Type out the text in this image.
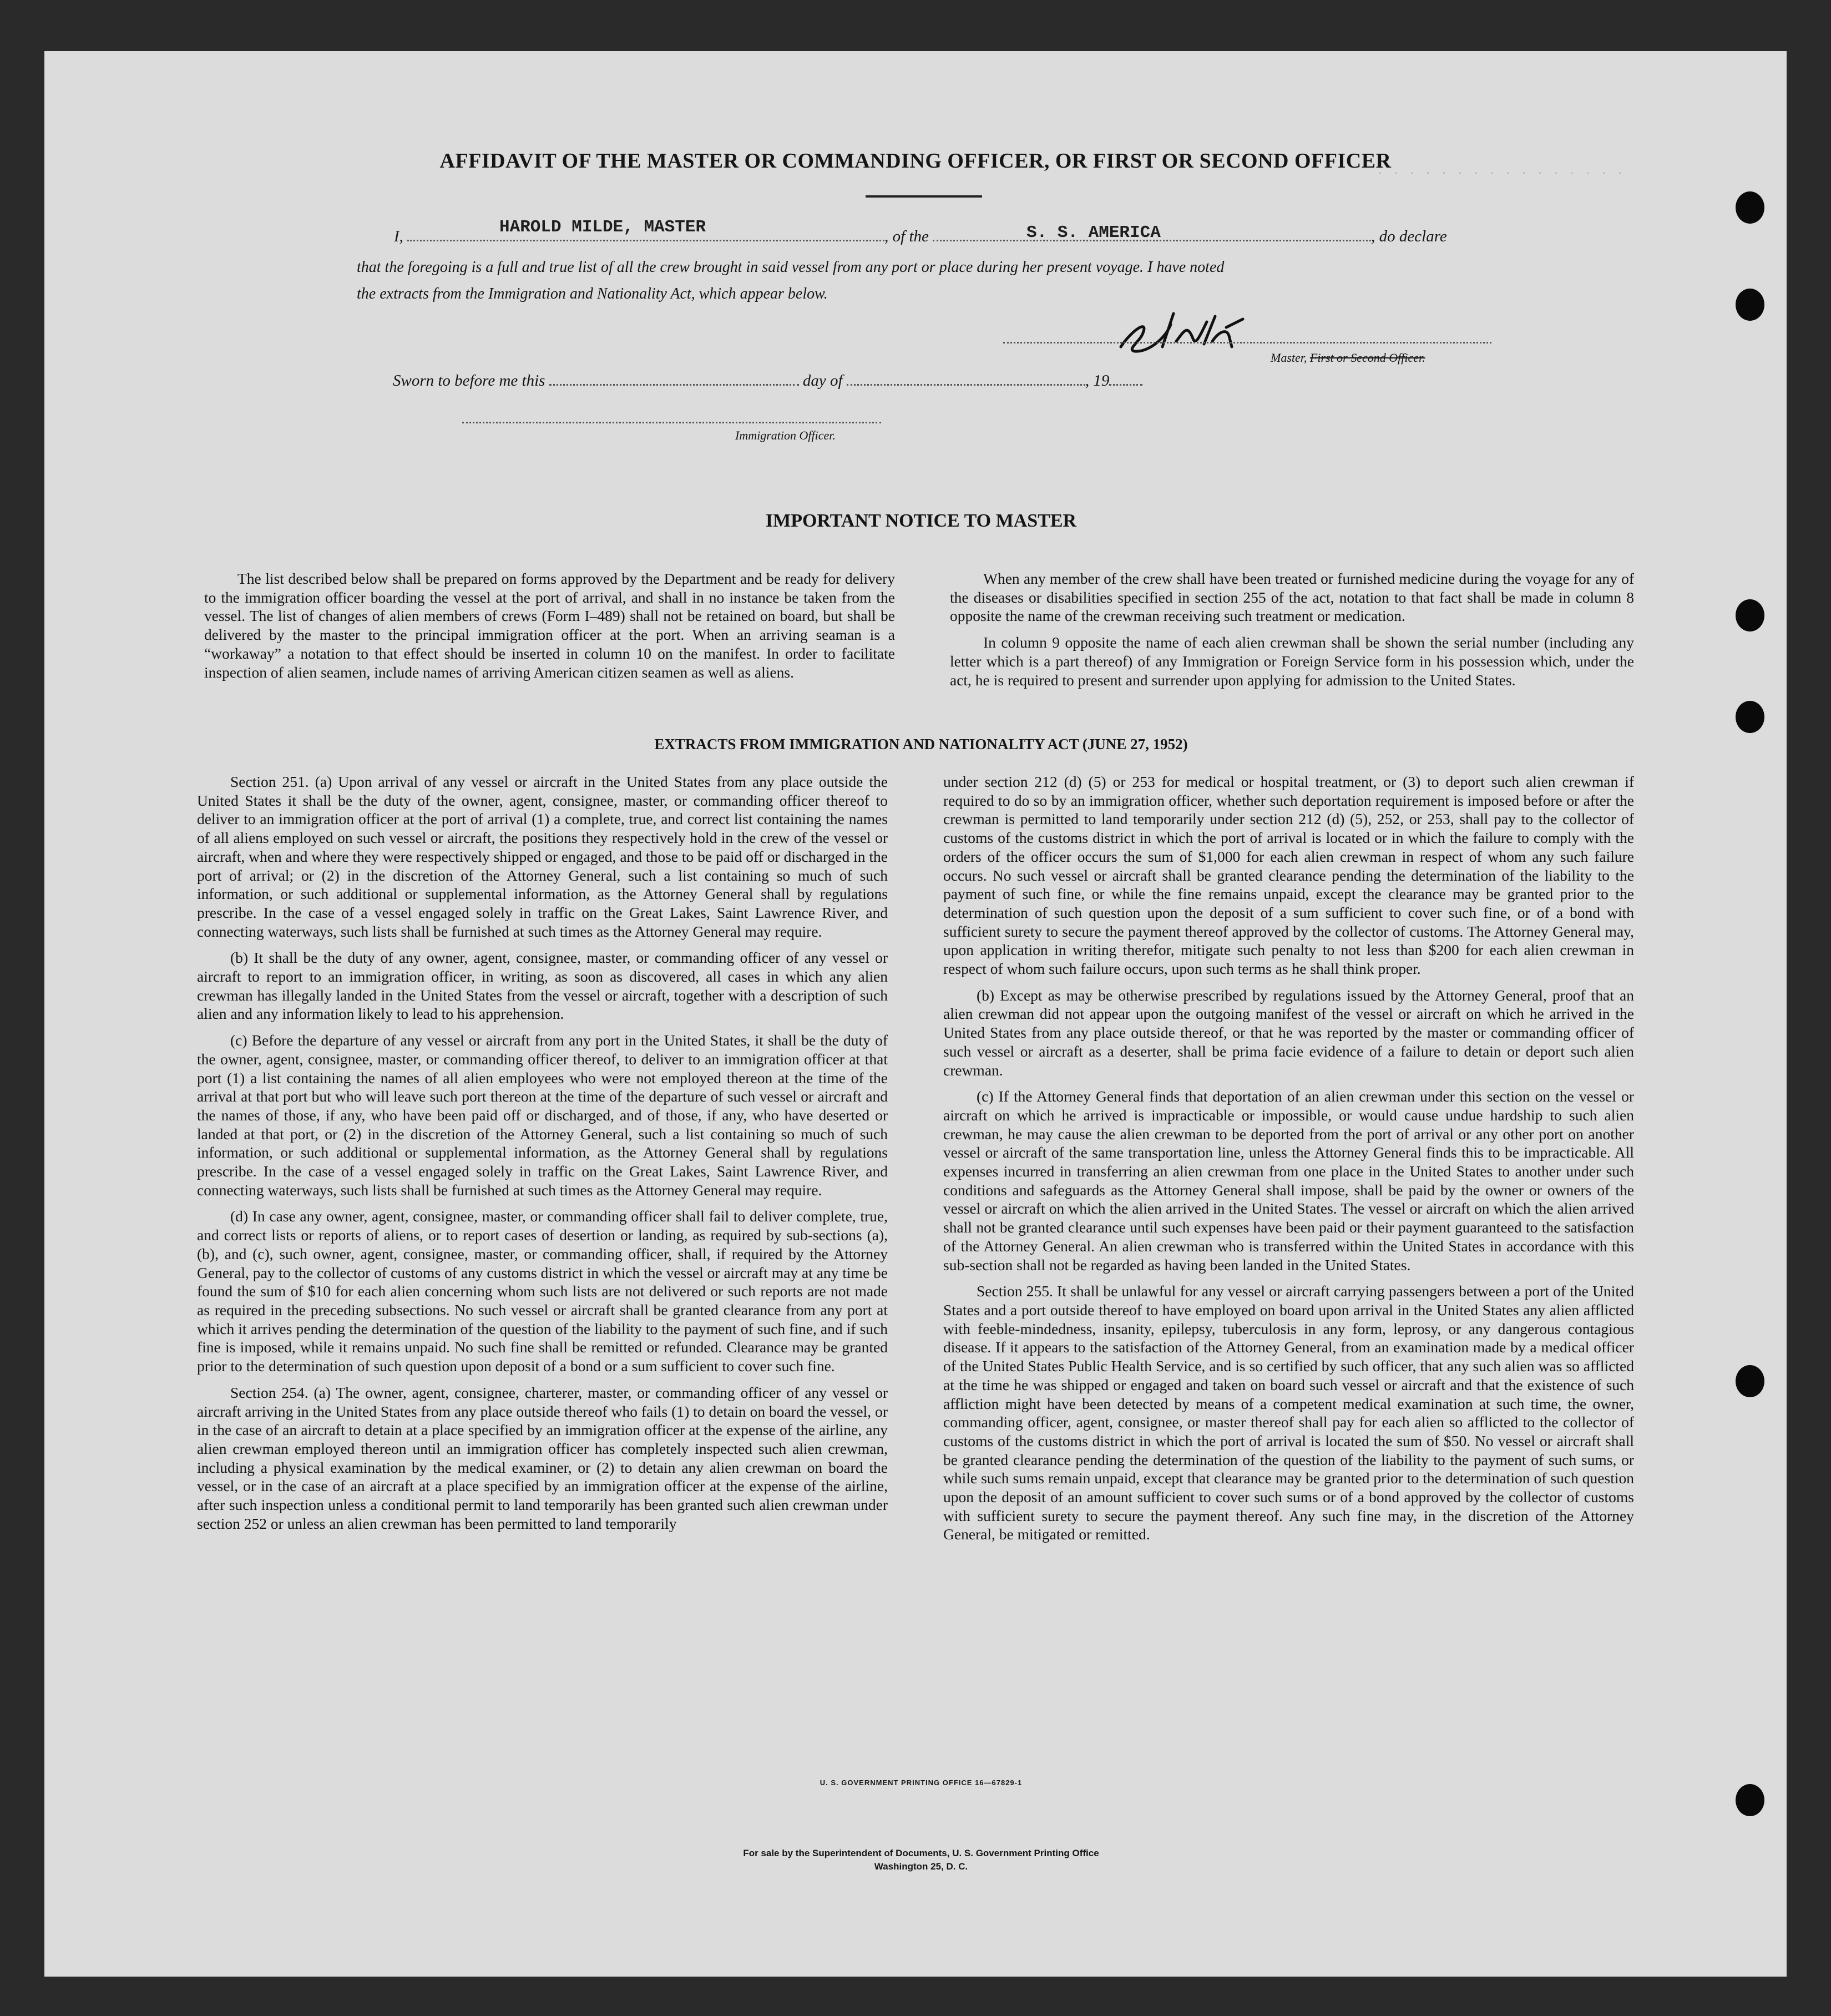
· · · · · · · · · · · · · · · ·
AFFIDAVIT OF THE MASTER OR COMMANDING OFFICER, OR FIRST OR SECOND OFFICER
I,	, of the	, do declare
HAROLD MILDE, MASTER	S. S. AMERICA
that the foregoing is a full and true list of all the crew brought in said vessel from any port or place during her present voyage. I have noted
the extracts from the Immigration and Nationality Act, which appear below.
Master, First or Second Officer.
Sworn to before me this	day of	, 19
Immigration Officer.
IMPORTANT NOTICE TO MASTER

The list described below shall be prepared on forms approved by the Department and be ready for delivery to the immigration officer boarding the vessel at the port of arrival, and shall in no instance be taken from the vessel. The list of changes of alien members of crews (Form I–489) shall not be retained on board, but shall be delivered by the master to the principal immigration officer at the port. When an arriving seaman is a “workaway” a notation to that effect should be inserted in column 10 on the manifest. In order to facilitate inspection of alien seamen, include names of arriving American citizen seamen as well as aliens.

When any member of the crew shall have been treated or furnished medicine during the voyage for any of the diseases or disabilities specified in section 255 of the act, notation to that fact shall be made in column 8 opposite the name of the crewman receiving such treatment or medication.

In column 9 opposite the name of each alien crewman shall be shown the serial number (including any letter which is a part thereof) of any Immigration or Foreign Service form in his possession which, under the act, he is required to present and surrender upon applying for admission to the United States.

EXTRACTS FROM IMMIGRATION AND NATIONALITY ACT (JUNE 27, 1952)

Section 251. (a) Upon arrival of any vessel or aircraft in the United States from any place outside the United States it shall be the duty of the owner, agent, consignee, master, or commanding officer thereof to deliver to an immigration officer at the port of arrival (1) a complete, true, and correct list containing the names of all aliens employed on such vessel or aircraft, the positions they respectively hold in the crew of the vessel or aircraft, when and where they were respectively shipped or engaged, and those to be paid off or discharged in the port of arrival; or (2) in the discretion of the Attorney General, such a list containing so much of such information, or such additional or supplemental information, as the Attorney General shall by regulations prescribe. In the case of a vessel engaged solely in traffic on the Great Lakes, Saint Lawrence River, and connecting waterways, such lists shall be furnished at such times as the Attorney General may require.

(b) It shall be the duty of any owner, agent, consignee, master, or commanding officer of any vessel or aircraft to report to an immigration officer, in writing, as soon as discovered, all cases in which any alien crewman has illegally landed in the United States from the vessel or aircraft, together with a description of such alien and any information likely to lead to his apprehension.

(c) Before the departure of any vessel or aircraft from any port in the United States, it shall be the duty of the owner, agent, consignee, master, or commanding officer thereof, to deliver to an immigration officer at that port (1) a list containing the names of all alien employees who were not employed thereon at the time of the arrival at that port but who will leave such port thereon at the time of the departure of such vessel or aircraft and the names of those, if any, who have been paid off or discharged, and of those, if any, who have deserted or landed at that port, or (2) in the discretion of the Attorney General, such a list containing so much of such information, or such additional or supplemental information, as the Attorney General shall by regulations prescribe. In the case of a vessel engaged solely in traffic on the Great Lakes, Saint Lawrence River, and connecting waterways, such lists shall be furnished at such times as the Attorney General may require.

(d) In case any owner, agent, consignee, master, or commanding officer shall fail to deliver complete, true, and correct lists or reports of aliens, or to report cases of desertion or landing, as required by sub-sections (a), (b), and (c), such owner, agent, consignee, master, or commanding officer, shall, if required by the Attorney General, pay to the collector of customs of any customs district in which the vessel or aircraft may at any time be found the sum of $10 for each alien concerning whom such lists are not delivered or such reports are not made as required in the preceding subsections. No such vessel or aircraft shall be granted clearance from any port at which it arrives pending the determination of the question of the liability to the payment of such fine, and if such fine is imposed, while it remains unpaid. No such fine shall be remitted or refunded. Clearance may be granted prior to the determination of such question upon deposit of a bond or a sum sufficient to cover such fine.

Section 254. (a) The owner, agent, consignee, charterer, master, or commanding officer of any vessel or aircraft arriving in the United States from any place outside thereof who fails (1) to detain on board the vessel, or in the case of an aircraft to detain at a place specified by an immigration officer at the expense of the airline, any alien crewman employed thereon until an immigration officer has completely inspected such alien crewman, including a physical examination by the medical examiner, or (2) to detain any alien crewman on board the vessel, or in the case of an aircraft at a place specified by an immigration officer at the expense of the airline, after such inspection unless a conditional permit to land temporarily has been granted such alien crewman under section 252 or unless an alien crewman has been permitted to land temporarily

under section 212 (d) (5) or 253 for medical or hospital treatment, or (3) to deport such alien crewman if required to do so by an immigration officer, whether such deportation requirement is imposed before or after the crewman is permitted to land temporarily under section 212 (d) (5), 252, or 253, shall pay to the collector of customs of the customs district in which the port of arrival is located or in which the failure to comply with the orders of the officer occurs the sum of $1,000 for each alien crewman in respect of whom any such failure occurs. No such vessel or aircraft shall be granted clearance pending the determination of the liability to the payment of such fine, or while the fine remains unpaid, except the clearance may be granted prior to the determination of such question upon the deposit of a sum sufficient to cover such fine, or of a bond with sufficient surety to secure the payment thereof approved by the collector of customs. The Attorney General may, upon application in writing therefor, mitigate such penalty to not less than $200 for each alien crewman in respect of whom such failure occurs, upon such terms as he shall think proper.

(b) Except as may be otherwise prescribed by regulations issued by the Attorney General, proof that an alien crewman did not appear upon the outgoing manifest of the vessel or aircraft on which he arrived in the United States from any place outside thereof, or that he was reported by the master or commanding officer of such vessel or aircraft as a deserter, shall be prima facie evidence of a failure to detain or deport such alien crewman.

(c) If the Attorney General finds that deportation of an alien crewman under this section on the vessel or aircraft on which he arrived is impracticable or impossible, or would cause undue hardship to such alien crewman, he may cause the alien crewman to be deported from the port of arrival or any other port on another vessel or aircraft of the same transportation line, unless the Attorney General finds this to be impracticable. All expenses incurred in transferring an alien crewman from one place in the United States to another under such conditions and safeguards as the Attorney General shall impose, shall be paid by the owner or owners of the vessel or aircraft on which the alien arrived in the United States. The vessel or aircraft on which the alien arrived shall not be granted clearance until such expenses have been paid or their payment guaranteed to the satisfaction of the Attorney General. An alien crewman who is transferred within the United States in accordance with this sub-section shall not be regarded as having been landed in the United States.

Section 255. It shall be unlawful for any vessel or aircraft carrying passengers between a port of the United States and a port outside thereof to have employed on board upon arrival in the United States any alien afflicted with feeble-mindedness, insanity, epilepsy, tuberculosis in any form, leprosy, or any dangerous contagious disease. If it appears to the satisfaction of the Attorney General, from an examination made by a medical officer of the United States Public Health Service, and is so certified by such officer, that any such alien was so afflicted at the time he was shipped or engaged and taken on board such vessel or aircraft and that the existence of such affliction might have been detected by means of a competent medical examination at such time, the owner, commanding officer, agent, consignee, or master thereof shall pay for each alien so afflicted to the collector of customs of the customs district in which the port of arrival is located the sum of $50. No vessel or aircraft shall be granted clearance pending the determination of the question of the liability to the payment of such sums, or while such sums remain unpaid, except that clearance may be granted prior to the determination of such question upon the deposit of an amount sufficient to cover such sums or of a bond approved by the collector of customs with sufficient surety to secure the payment thereof. Any such fine may, in the discretion of the Attorney General, be mitigated or remitted.

U. S. GOVERNMENT PRINTING OFFICE 16—67829-1
For sale by the Superintendent of Documents, U. S. Government Printing Office
Washington 25, D. C.
